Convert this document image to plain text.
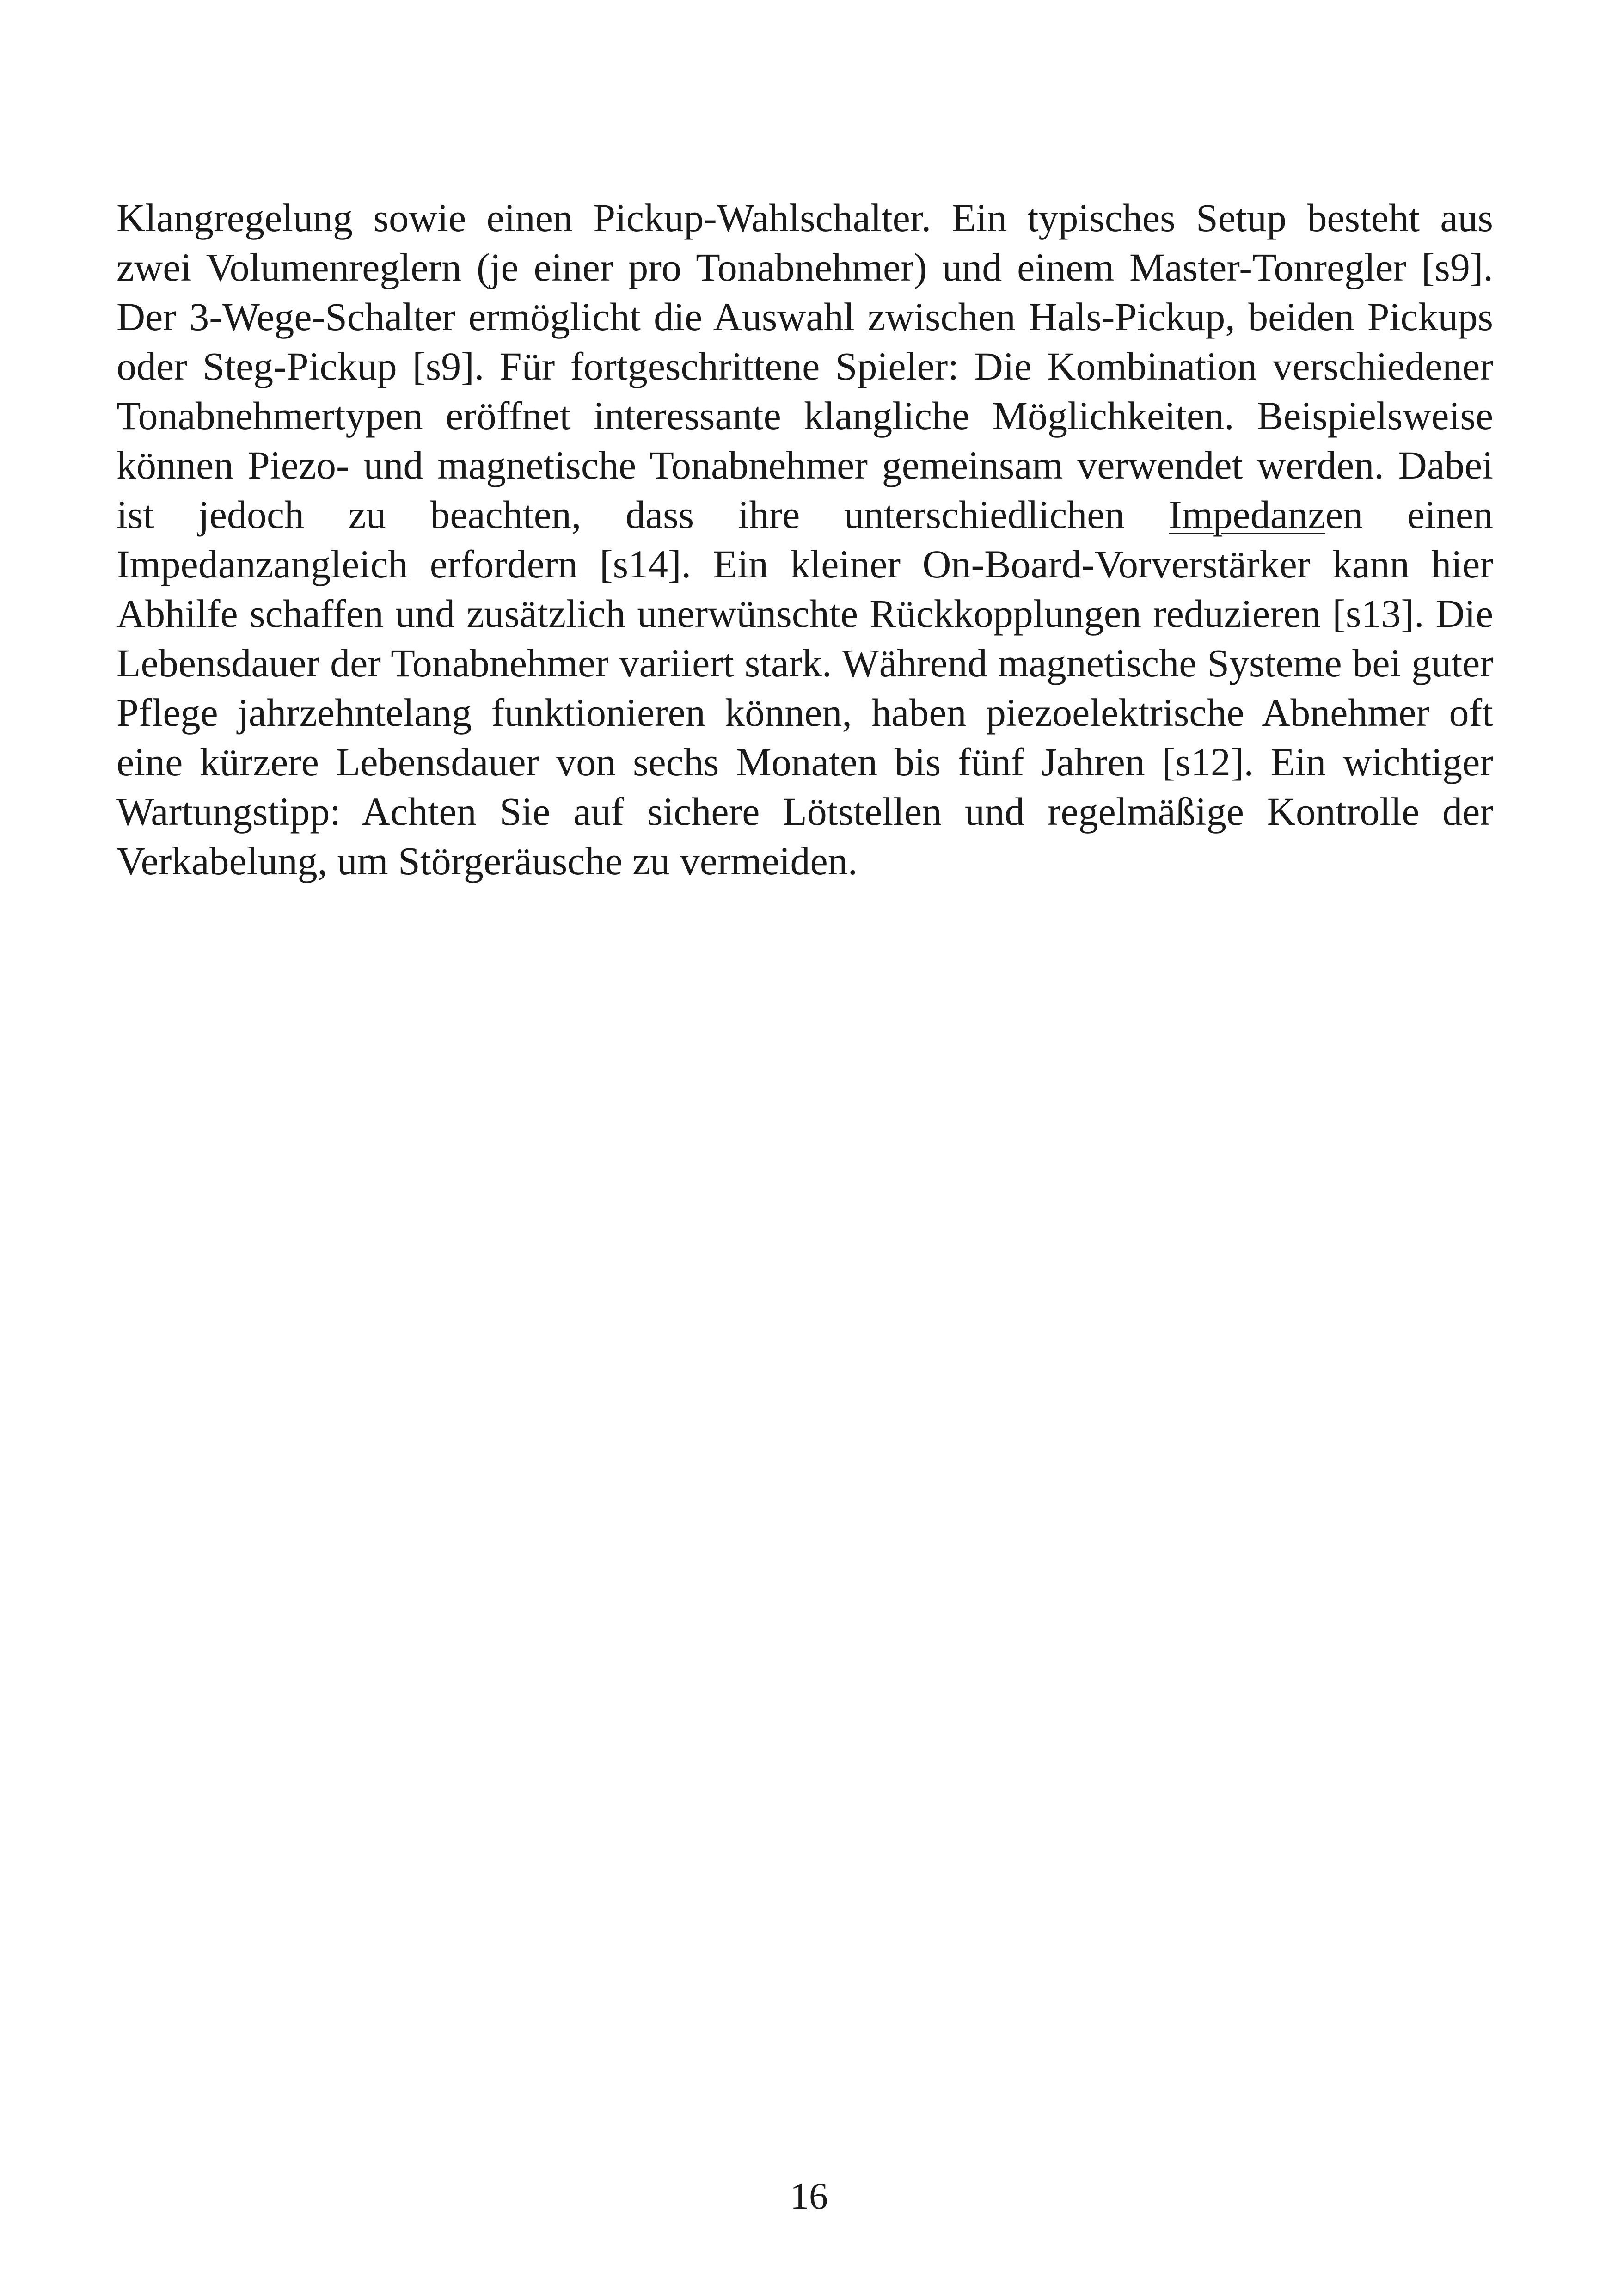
Klangregelung sowie einen Pickup-Wahlschalter. Ein typisches Setup besteht aus zwei Volumenreglern (je einer pro Tonabnehmer) und einem Master-Tonregler [s9]. Der 3-Wege-Schalter ermöglicht die Auswahl zwischen Hals-Pickup, beiden Pickups oder Steg-Pickup [s9]. Für fortgeschrittene Spieler: Die Kombination verschiedener Tonabnehmertypen eröffnet interessante klangliche Möglichkeiten. Beispielsweise können Piezo- und magnetische Tonabnehmer gemeinsam verwendet werden. Dabei ist jedoch zu beachten, dass ihre unterschiedlichen Impedanzen einen Impedanzangleich erfordern [s14]. Ein kleiner On-Board-Vorverstärker kann hier Abhilfe schaffen und zusätzlich unerwünschte Rückkopplungen reduzieren [s13]. Die Lebensdauer der Tonabnehmer variiert stark. Während magnetische Systeme bei guter Pflege jahrzehntelang funktionieren können, haben piezoelektrische Abnehmer oft eine kürzere Lebensdauer von sechs Monaten bis fünf Jahren [s12]. Ein wichtiger Wartungstipp: Achten Sie auf sichere Lötstellen und regelmäßige Kontrolle der Verkabelung, um Störgeräusche zu vermeiden.

16
